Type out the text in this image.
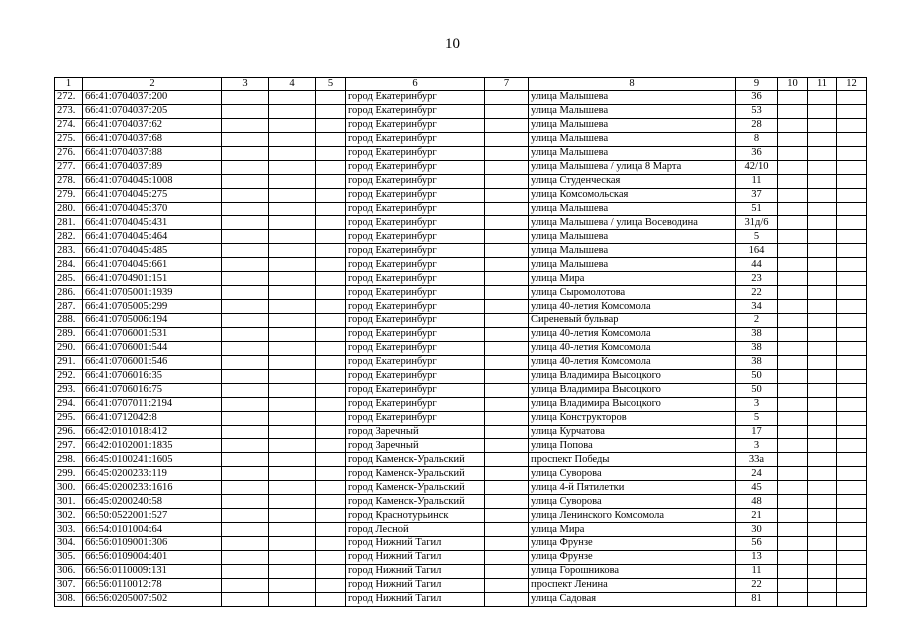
10
1	2	3	4	5	6	7	8	9	10	11	12
272.	66:41:0704037:200				город Екатеринбург		улица Малышева	36			
273.	66:41:0704037:205				город Екатеринбург		улица Малышева	53			
274.	66:41:0704037:62				город Екатеринбург		улица Малышева	28			
275.	66:41:0704037:68				город Екатеринбург		улица Малышева	8			
276.	66:41:0704037:88				город Екатеринбург		улица Малышева	36			
277.	66:41:0704037:89				город Екатеринбург		улица Малышева / улица 8 Марта	42/10			
278.	66:41:0704045:1008				город Екатеринбург		улица Студенческая	11			
279.	66:41:0704045:275				город Екатеринбург		улица Комсомольская	37			
280.	66:41:0704045:370				город Екатеринбург		улица Малышева	51			
281.	66:41:0704045:431				город Екатеринбург		улица Малышева / улица Восеводина	31д/6			
282.	66:41:0704045:464				город Екатеринбург		улица Малышева	5			
283.	66:41:0704045:485				город Екатеринбург		улица Малышева	164			
284.	66:41:0704045:661				город Екатеринбург		улица Малышева	44			
285.	66:41:0704901:151				город Екатеринбург		улица Мира	23			
286.	66:41:0705001:1939				город Екатеринбург		улица Сыромолотова	22			
287.	66:41:0705005:299				город Екатеринбург		улица 40-летия Комсомола	34			
288.	66:41:0705006:194				город Екатеринбург		Сиреневый бульвар	2			
289.	66:41:0706001:531				город Екатеринбург		улица 40-летия Комсомола	38			
290.	66:41:0706001:544				город Екатеринбург		улица 40-летия Комсомола	38			
291.	66:41:0706001:546				город Екатеринбург		улица 40-летия Комсомола	38			
292.	66:41:0706016:35				город Екатеринбург		улица Владимира Высоцкого	50			
293.	66:41:0706016:75				город Екатеринбург		улица Владимира Высоцкого	50			
294.	66:41:0707011:2194				город Екатеринбург		улица Владимира Высоцкого	3			
295.	66:41:0712042:8				город Екатеринбург		улица Конструкторов	5			
296.	66:42:0101018:412				город Заречный		улица Курчатова	17			
297.	66:42:0102001:1835				город Заречный		улица Попова	3			
298.	66:45:0100241:1605				город Каменск-Уральский		проспект Победы	33а			
299.	66:45:0200233:119				город Каменск-Уральский		улица Суворова	24			
300.	66:45:0200233:1616				город Каменск-Уральский		улица 4-й Пятилетки	45			
301.	66:45:0200240:58				город Каменск-Уральский		улица Суворова	48			
302.	66:50:0522001:527				город Краснотурьинск		улица Ленинского Комсомола	21			
303.	66:54:0101004:64				город Лесной		улица Мира	30			
304.	66:56:0109001:306				город Нижний Тагил		улица Фрунзе	56			
305.	66:56:0109004:401				город Нижний Тагил		улица Фрунзе	13			
306.	66:56:0110009:131				город Нижний Тагил		улица Горошникова	11			
307.	66:56:0110012:78				город Нижний Тагил		проспект Ленина	22			
308.	66:56:0205007:502				город Нижний Тагил		улица Садовая	81			
